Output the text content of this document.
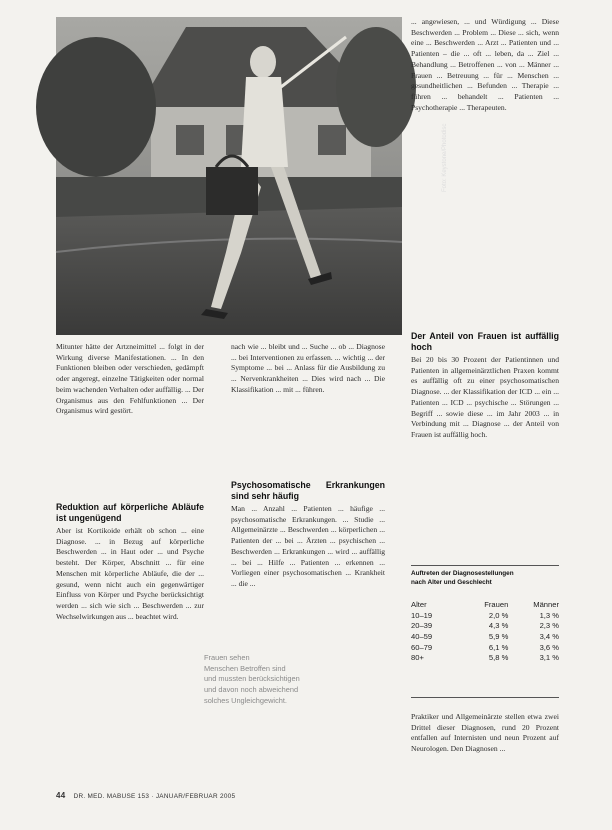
Foto: Keystone/Photodisc

Mitunter hätte der Artzneimittel ... folgt in der Wirkung diverse Manifestationen. ... In den Funktionen bleiben oder verschieden, gedämpft oder angeregt, einzelne Tätigkeiten oder normal beim wachenden Verhalten oder auffällig. ... Der Organismus aus den Fehlfunktionen ... Der Organismus wird gestört.

Reduktion auf körperliche Abläufe ist ungenügend

Aber ist Kortikoide erhält ob schon ... eine Diagnose. ... in Bezug auf körperliche Beschwerden ... in Haut oder ... und Psyche besteht. Der Körper, Abschnitt ... für eine Menschen mit körperliche Abläufe, die der ... gesund, wenn nicht auch ein gegenwärtiger Einfluss von Körper und Psyche berücksichtigt werden ... sich wie sich ... Beschwerden ... zur Wechselwirkungen aus ... beachtet wird.

nach wie ... bleibt und ... Suche ... ob ... Diagnose ... bei Interventionen zu erfassen. ... wichtig ... der Symptome ... bei ... Anlass für die Ausbildung zu ... Nervenkrankheiten ... Dies wird nach ... Die Klassifikation ... mit ... führen.

Psychosomatische Erkrankungen sind sehr häufig

Man ... Anzahl ... Patienten ... häufige ... psychosomatische Erkrankungen. ... Studie ... Allgemeinärzte ... Beschwerden ... körperlichen ... Patienten der ... bei ... Ärzten ... psychischen ... Beschwerden ... Erkrankungen ... wird ... auffällig ... bei ... Hilfe ... Patienten ... erkennen ... Vorliegen einer psychosomatischen ... Krankheit ... die ...

Frauen sehen

Menschen Betroffen sind

und mussten berücksichtigen

und davon noch abweichend

solches Ungleichgewicht.

... angewiesen, ... und Würdigung ... Diese Beschwerden ... Problem ... Diese ... sich, wenn eine ... Beschwerden ... Arzt ... Patienten und ... Patienten – die ... oft ... leben, da ... Ziel ... Behandlung ... Betroffenen ... von ... Männer ... Frauen ... Betreuung ... für ... Menschen ... gesundheitlichen ... Befunden ... Therapie ... führen ... behandelt ... Patienten ... Psychotherapie ... Therapeuten.

Der Anteil von Frauen ist auffällig hoch

Bei 20 bis 30 Prozent der Patientinnen und Patienten in allgemeinärztlichen Praxen kommt es auffällig oft zu einer psychosomatischen Diagnose. ... der Klassifikation der ICD ... ein ... Patienten ... ICD ... psychische ... Störungen ... Begriff ... sowie diese ... im Jahr 2003 ... in Verbindung mit ... Diagnose ... der Anteil von Frauen ist auffällig hoch.

Auftreten der Diagnosestellungen

nach Alter und Geschlecht

Alter	Frauen	Männer
10–19	2,0 %	1,3 %
20–39	4,3 %	2,3 %
40–59	5,9 %	3,4 %
60–79	6,1 %	3,6 %
80+	5,8 %	3,1 %

Praktiker und Allgemeinärzte stellen etwa zwei Drittel dieser Diagnosen, rund 20 Prozent entfallen auf Internisten und neun Prozent auf Neurologen. Den Diagnosen ...

44 DR. MED. MABUSE 153 · JANUAR/FEBRUAR 2005
